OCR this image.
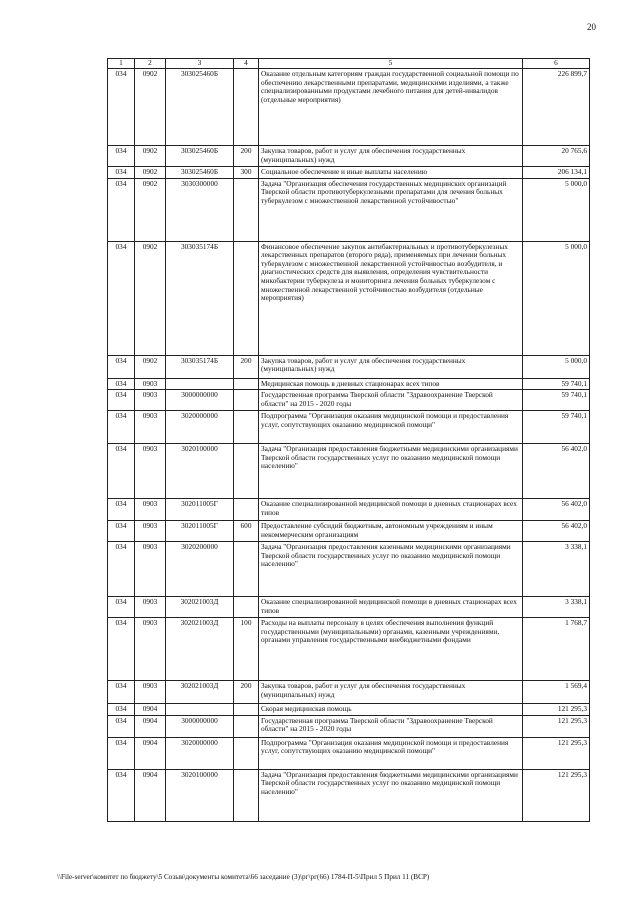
20
1	2	3	4	5	6
034	0902	303025460Б		Оказание отдельным категориям граждан государственной социальной помощи по обеспечению лекарственными препаратами, медицинскими изделиями, а также специализированными продуктами лечебного питания для детей-инвалидов (отдельные мероприятия)	226 899,7
034	0902	303025460Б	200	Закупка товаров, работ и услуг для обеспечения государственных (муниципальных) нужд	20 765,6
034	0902	303025460Б	300	Социальное обеспечение и иные выплаты населению	206 134,1
034	0902	3030300000		Задача "Организация обеспечения государственных медицинских организаций Тверской области противотуберкулезными препаратами для лечения больных туберкулезом с множественной лекарственной устойчивостью"	5 000,0
034	0902	303035174Б		Финансовое обеспечение закупок антибактериальных и противотуберкулезных лекарственных препаратов (второго ряда), применяемых при лечении больных туберкулезом с множественной лекарственной устойчивостью возбудителя, и диагностических средств для выявления, определения чувствительности микобактерии туберкулеза и мониторинга лечения больных туберкулезом с множественной лекарственной устойчивостью возбудителя (отдельные мероприятия)	5 000,0
034	0902	303035174Б	200	Закупка товаров, работ и услуг для обеспечения государственных (муниципальных) нужд	5 000,0
034	0903			Медицинская помощь в дневных стационарах всех типов	59 740,1
034	0903	3000000000		Государственная программа Тверской области "Здравоохранение Тверской области" на 2015 - 2020 годы	59 740,1
034	0903	3020000000		Подпрограмма "Организация оказания медицинской помощи и предоставления услуг, сопутствующих оказанию медицинской помощи"	59 740,1
034	0903	3020100000		Задача "Организация предоставления бюджетными медицинскими организациями Тверской области государственных услуг по оказанию медицинской помощи населению"	56 402,0
034	0903	302011005Г		Оказание специализированной медицинской помощи в дневных стационарах всех типов	56 402,0
034	0903	302011005Г	600	Предоставление субсидий бюджетным, автономным учреждениям и иным некоммерческим организациям	56 402,0
034	0903	3020200000		Задача "Организация предоставления казенными медицинскими организациями Тверской области государственных услуг по оказанию медицинской помощи населению"	3 338,1
034	0903	302021003Д		Оказание специализированной медицинской помощи в дневных стационарах всех типов	3 338,1
034	0903	302021003Д	100	Расходы на выплаты персоналу в целях обеспечения выполнения функций государственными (муниципальными) органами, казенными учреждениями, органами управления государственными внебюджетными фондами	1 768,7
034	0903	302021003Д	200	Закупка товаров, работ и услуг для обеспечения государственных (муниципальных) нужд	1 569,4
034	0904			Скорая медицинская помощь	121 295,3
034	0904	3000000000		Государственная программа Тверской области "Здравоохранение Тверской области" на 2015 - 2020 годы	121 295,3
034	0904	3020000000		Подпрограмма "Организация оказания медицинской помощи и предоставления услуг, сопутствующих оказанию медицинской помощи"	121 295,3
034	0904	3020100000		Задача "Организация предоставления бюджетными медицинскими организациями Тверской области государственных услуг по оказанию медицинской помощи населению"	121 295,3
\\File-server\комитет по бюджету\5 Созыв\документы комитета\66 заседание (3)\рг\рг(66) 1784-П-5\Прил 5 Прил 11 (ВСР)
